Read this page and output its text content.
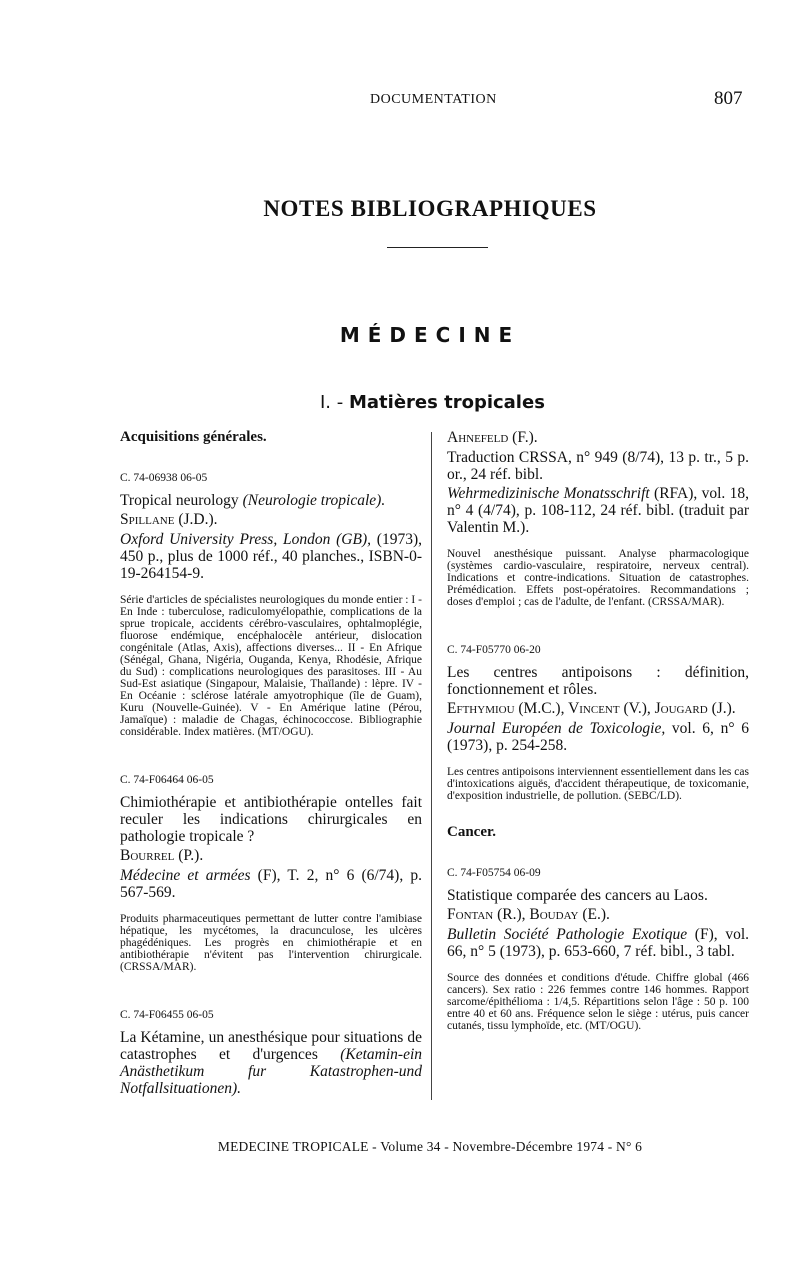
DOCUMENTATION	807
NOTES BIBLIOGRAPHIQUES
MÉDECINE
I. - Matières tropicales
Acquisitions générales.
C. 74-06938 06-05
Tropical neurology (Neurologie tropicale).
Spillane (J.D.).
Oxford University Press, London (GB), (1973), 450 p., plus de 1000 réf., 40 planches., ISBN-0-19-264154-9.
Série d'articles de spécialistes neurologiques du monde entier : I - En Inde : tuberculose, radiculomyélopathie, complications de la sprue tropicale, accidents cérébro-vasculaires, ophtalmoplégie, fluorose endémique, encéphalocèle antérieur, dislocation congénitale (Atlas, Axis), affections diverses... II - En Afrique (Sénégal, Ghana, Nigéria, Ouganda, Kenya, Rhodésie, Afrique du Sud) : complications neurologiques des parasitoses. III - Au Sud-Est asiatique (Singapour, Malaisie, Thaïlande) : lèpre. IV - En Océanie : sclérose latérale amyotrophique (île de Guam), Kuru (Nouvelle-Guinée). V - En Amérique latine (Pérou, Jamaïque) : maladie de Chagas, échinococcose. Bibliographie considérable. Index matières. (MT/OGU).
C. 74-F06464 06-05
Chimiothérapie et antibiothérapie ontelles fait reculer les indications chirurgicales en pathologie tropicale ?
Bourrel (P.).
Médecine et armées (F), T. 2, n° 6 (6/74), p. 567-569.
Produits pharmaceutiques permettant de lutter contre l'amibiase hépatique, les mycétomes, la dracunculose, les ulcères phagédéniques. Les progrès en chimiothérapie et en antibiothérapie n'évitent pas l'intervention chirurgicale. (CRSSA/MAR).
C. 74-F06455 06-05
La Kétamine, un anesthésique pour situations de catastrophes et d'urgences (Ketamin-ein Anästhetikum fur Katastrophen-und Notfallsituationen).
Ahnefeld (F.).
Traduction CRSSA, n° 949 (8/74), 13 p. tr., 5 p. or., 24 réf. bibl.
Wehrmedizinische Monatsschrift (RFA), vol. 18, n° 4 (4/74), p. 108-112, 24 réf. bibl. (traduit par Valentin M.).
Nouvel anesthésique puissant. Analyse pharmacologique (systèmes cardio-vasculaire, respiratoire, nerveux central). Indications et contre-indications. Situation de catastrophes. Prémédication. Effets post-opératoires. Recommandations ; doses d'emploi ; cas de l'adulte, de l'enfant. (CRSSA/MAR).
C. 74-F05770 06-20
Les centres antipoisons : définition, fonctionnement et rôles.
Efthymiou (M.C.), Vincent (V.), Jougard (J.).
Journal Européen de Toxicologie, vol. 6, n° 6 (1973), p. 254-258.
Les centres antipoisons interviennent essentiellement dans les cas d'intoxications aiguës, d'accident thérapeutique, de toxicomanie, d'exposition industrielle, de pollution. (SEBC/LD).
Cancer.
C. 74-F05754 06-09
Statistique comparée des cancers au Laos.
Fontan (R.), Bouday (E.).
Bulletin Société Pathologie Exotique (F), vol. 66, n° 5 (1973), p. 653-660, 7 réf. bibl., 3 tabl.
Source des données et conditions d'étude. Chiffre global (466 cancers). Sex ratio : 226 femmes contre 146 hommes. Rapport sarcome/épithélioma : 1/4,5. Répartitions selon l'âge : 50 p. 100 entre 40 et 60 ans. Fréquence selon le siège : utérus, puis cancer cutanés, tissu lymphoïde, etc. (MT/OGU).
MEDECINE TROPICALE - Volume 34 - Novembre-Décembre 1974 - N° 6
